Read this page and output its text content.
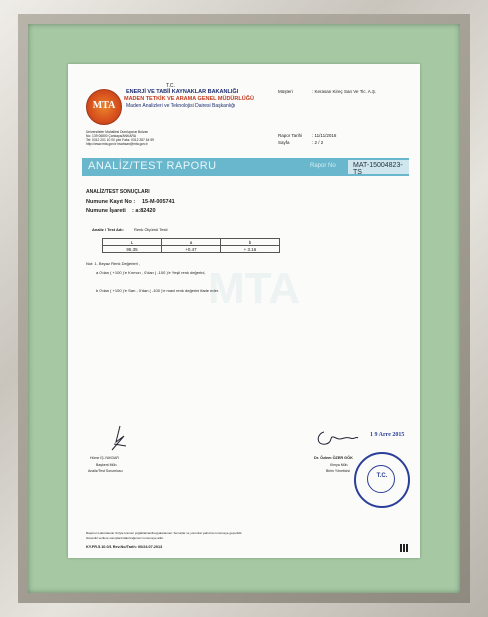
MTA
T.C.
ENERJİ VE TABİİ KAYNAKLAR BAKANLIĞI
MADEN TETKİK VE ARAMA GENEL MÜDÜRLÜĞÜ
Maden Analizleri ve Teknolojisi Dairesi Başkanlığı
Üniversiteler Mahallesi Dumlupınar Bulvarı
No: 139 06800 Çankaya/ANKARA
Tel: 0312 201 10 00 pbx Faks: 0312 287 64 59
http://www.mta.gov.tr bsahsan@mta.gov.tr
Müşteri	: Kerasan Kireç San Ve Tic. A.Ş.
Rapor Tarihi : 11/11/2016
Sayfa	: 2 / 2
ANALİZ/TEST RAPORU	Rapor No MAT-15004823-TS
ANALİZ/TEST SONUÇLARI
Numune Kayıt No : 15-M-005741
Numune İşareti : a:82420
Analiz / Test Adı:	Renk Ölçümü Testi
L	a	b
95.35	+0.47	+ 3.16
Not: 1. Beyaz Renk Değerleri ,
a 0'dan ( +100 )'e Kırmızı , 0'dan ( -100 )'e Yeşil renk değerini,
b 0'dan ( +100 )'e Sarı , 0'dan ( -100 )'e mavi renk değerini ifade eder.
MTA
Hüme İŞ-YAKDAR
Başkent Müh.
Analiz/Test Sorumlusu
1 9 Arre 2015
Dr. Özlem ÖZER GÖK
Kimya Müh.
Birim Yöneticisi
T.C.
Raporun Laboratuvar izniyle kısmen çoğaltılamaz/kopyalanamaz. Sonuçlar ve yorumlar yalnızca numuneye geçerlidir.
Güvenilir verilere sonuçlarındaki bağımsız numuneye aittir.
KY.FR.5.10.0/1 Rev.No/Tarih: 00/24.07.2013
